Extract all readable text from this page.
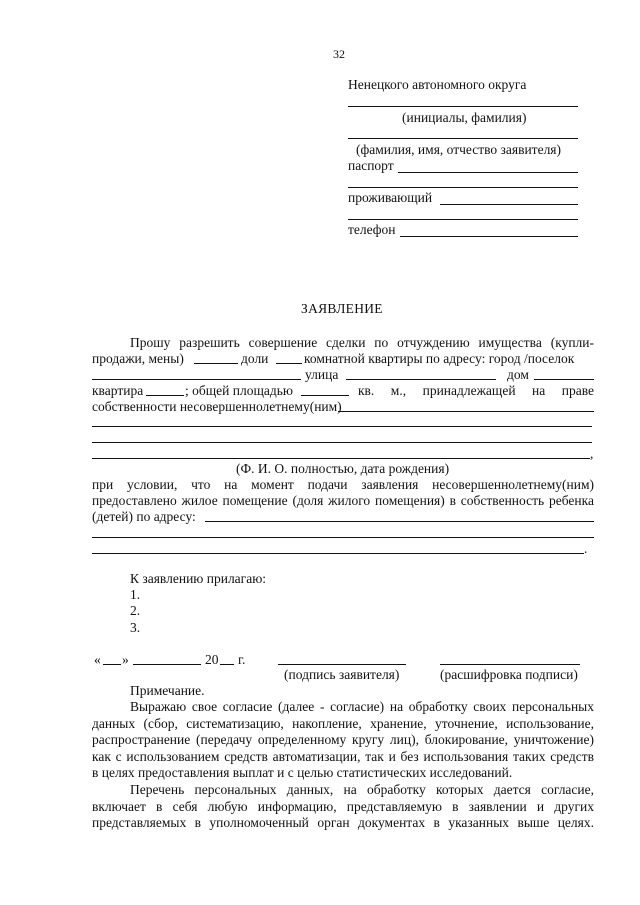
32
Ненецкого автономного округа
(инициалы, фамилия)
(фамилия, имя, отчество заявителя)
паспорт
проживающий
телефон
ЗАЯВЛЕНИЕ
Прошу разрешить совершение сделки по отчуждению имущества (купли-
продажи, мены)	доли	комнатной квартиры по адресу: город /поселок
улица	дом
квартира	; общей площадью	кв. м., принадлежащей на праве
собственности несовершеннолетнему(ним)
,
(Ф. И. О. полностью, дата рождения)
при условии, что на момент подачи заявления несовершеннолетнему(ним)
предоставлено жилое помещение (доля жилого помещения) в собственность ребенка
(детей) по адресу:
.
К заявлению прилагаю:
1.
2.
3.
« »	20 г.
(подпись заявителя)	(расшифровка подписи)
Примечание.
Выражаю свое согласие (далее - согласие) на обработку своих персональных
данных (сбор, систематизацию, накопление, хранение, уточнение, использование,
распространение (передачу определенному кругу лиц), блокирование, уничтожение)
как с использованием средств автоматизации, так и без использования таких средств
в целях предоставления выплат и с целью статистических исследований.
Перечень персональных данных, на обработку которых дается согласие,
включает в себя любую информацию, представляемую в заявлении и других
представляемых в уполномоченный орган документах в указанных выше целях.
